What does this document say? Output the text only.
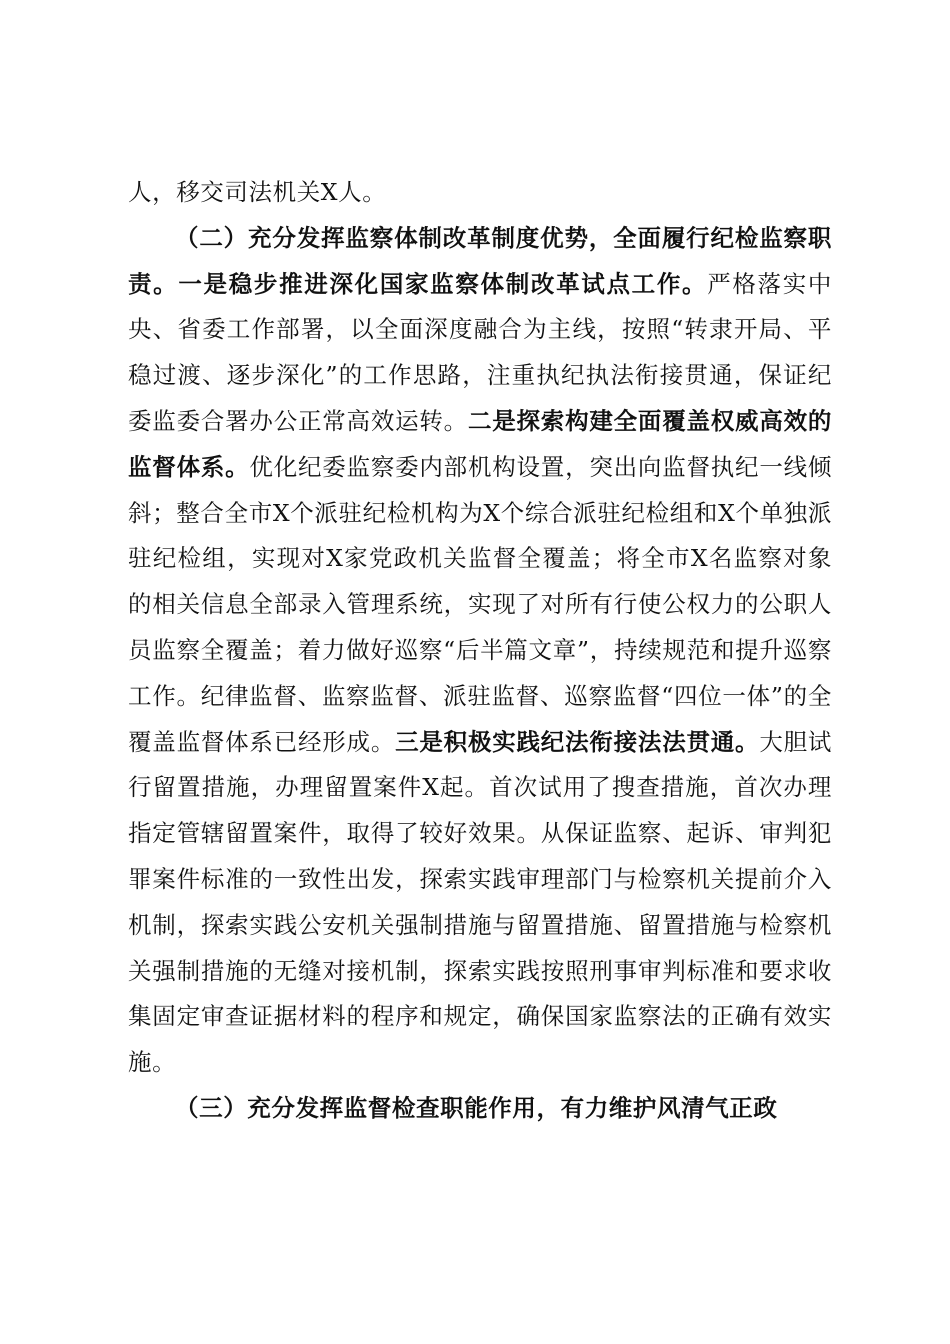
人，移交司法机关X人。

（二）充分发挥监察体制改革制度优势，全面履行纪检监察职责。一是稳步推进深化国家监察体制改革试点工作。严格落实中央、省委工作部署，以全面深度融合为主线，按照“转隶开局、平稳过渡、逐步深化”的工作思路，注重执纪执法衔接贯通，保证纪委监委合署办公正常高效运转。二是探索构建全面覆盖权威高效的监督体系。优化纪委监察委内部机构设置，突出向监督执纪一线倾斜；整合全市X个派驻纪检机构为X个综合派驻纪检组和X个单独派驻纪检组，实现对X家党政机关监督全覆盖；将全市X名监察对象的相关信息全部录入管理系统，实现了对所有行使公权力的公职人员监察全覆盖；着力做好巡察“后半篇文章”，持续规范和提升巡察工作。纪律监督、监察监督、派驻监督、巡察监督“四位一体”的全覆盖监督体系已经形成。三是积极实践纪法衔接法法贯通。大胆试行留置措施，办理留置案件X起。首次试用了搜查措施，首次办理指定管辖留置案件，取得了较好效果。从保证监察、起诉、审判犯罪案件标准的一致性出发，探索实践审理部门与检察机关提前介入机制，探索实践公安机关强制措施与留置措施、留置措施与检察机关强制措施的无缝对接机制，探索实践按照刑事审判标准和要求收集固定审查证据材料的程序和规定，确保国家监察法的正确有效实施。

（三）充分发挥监督检查职能作用，有力维护风清气正政
